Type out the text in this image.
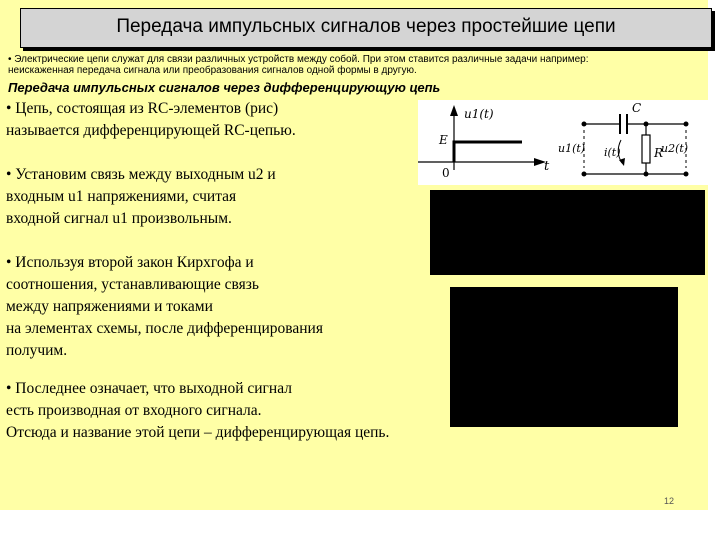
Передача импульсных сигналов через простейшие цепи
• Электрические цепи служат для связи различных устройств между собой. При этом ставится различные задачи например:
неискаженная передача сигнала или преобразования сигналов одной формы в другую.
Передача импульсных сигналов через дифференцирующую цепь
• Цепь, состоящая из RC-элементов (рис)
называется дифференцирующей RC-цепью.
• Установим связь между выходным u2 и
входным u1 напряжениями, считая
входной сигнал u1 произвольным.
• Используя второй закон Кирхгофа и
соотношения, устанавливающие связь
между напряжениями и токами
на элементах схемы, после дифференцирования
получим.
• Последнее означает, что выходной сигнал
есть производная от входного сигнала.
Отсюда и название этой цепи – дифференцирующая цепь.
u1(t)
E
0	t
C
u1(t) i(t)	R
u2(t)
12
